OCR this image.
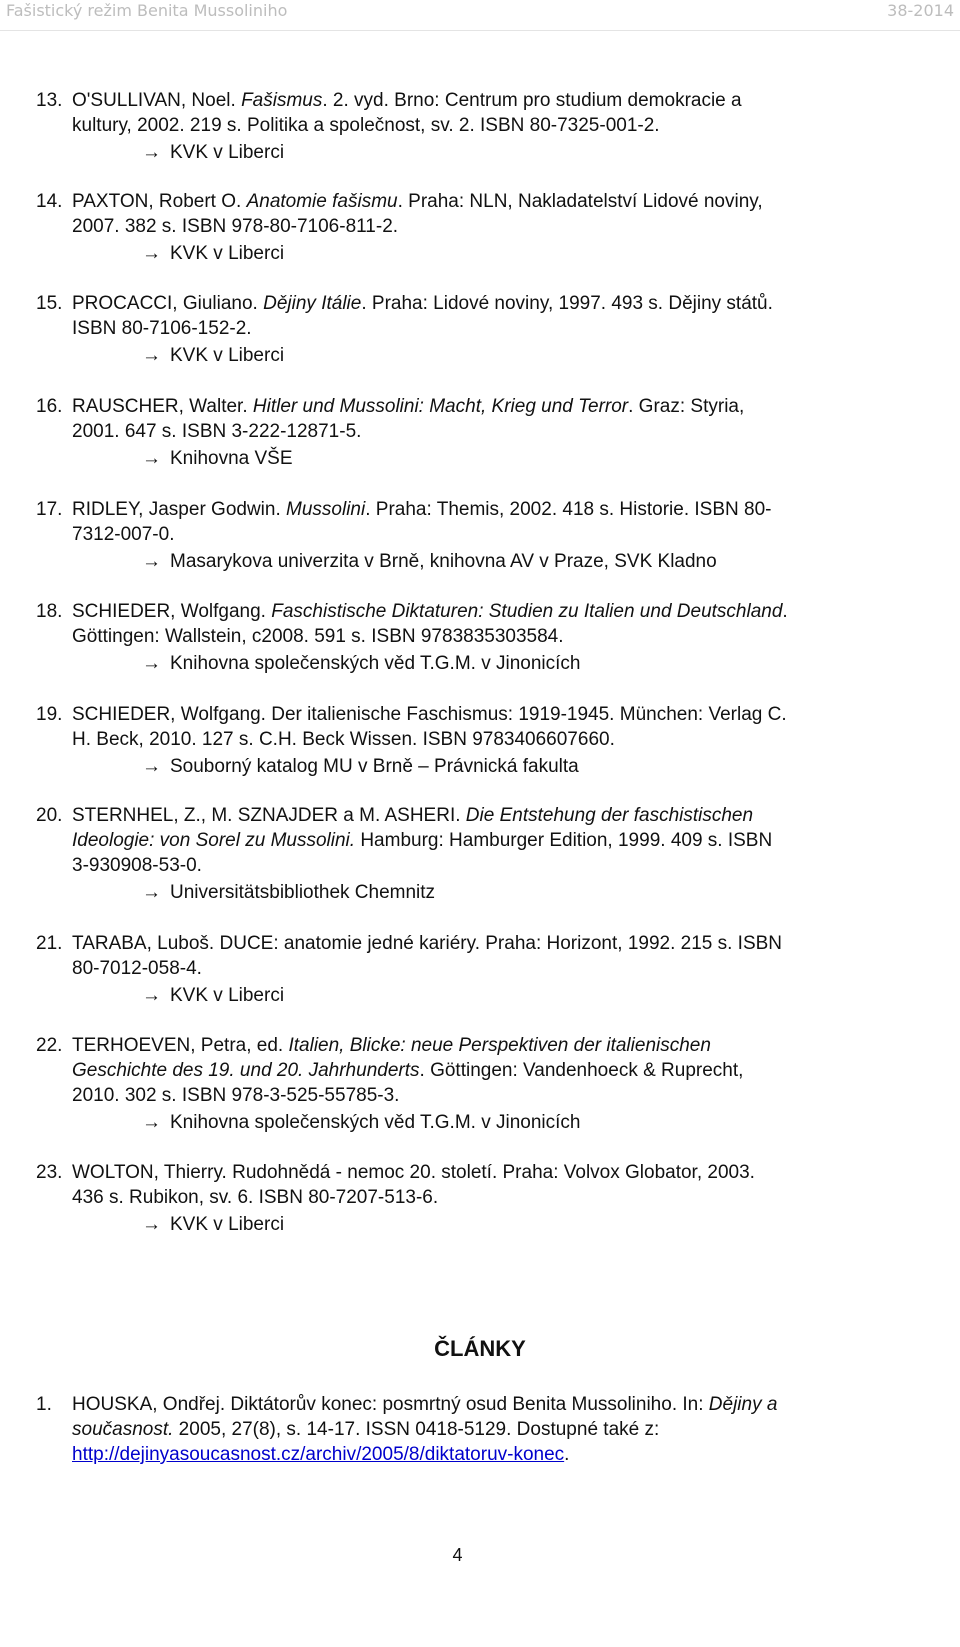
Fašistický režim Benita Mussoliniho	38-2014
13. O'SULLIVAN, Noel. Fašismus. 2. vyd. Brno: Centrum pro studium demokracie a
kultury, 2002. 219 s. Politika a společnost, sv. 2. ISBN 80-7325-001-2.
→ KVK v Liberci
14. PAXTON, Robert O. Anatomie fašismu. Praha: NLN, Nakladatelství Lidové noviny,
2007. 382 s. ISBN 978-80-7106-811-2.
→ KVK v Liberci
15. PROCACCI, Giuliano. Dějiny Itálie. Praha: Lidové noviny, 1997. 493 s. Dějiny států.
ISBN 80-7106-152-2.
→ KVK v Liberci
16. RAUSCHER, Walter. Hitler und Mussolini: Macht, Krieg und Terror. Graz: Styria,
2001. 647 s. ISBN 3-222-12871-5.
→ Knihovna VŠE
17. RIDLEY, Jasper Godwin. Mussolini. Praha: Themis, 2002. 418 s. Historie. ISBN 80-
7312-007-0.
→ Masarykova univerzita v Brně, knihovna AV v Praze, SVK Kladno
18. SCHIEDER, Wolfgang. Faschistische Diktaturen: Studien zu Italien und Deutschland.
Göttingen: Wallstein, c2008. 591 s. ISBN 9783835303584.
→ Knihovna společenských věd T.G.M. v Jinonicích
19. SCHIEDER, Wolfgang. Der italienische Faschismus: 1919-1945. München: Verlag C.
H. Beck, 2010. 127 s. C.H. Beck Wissen. ISBN 9783406607660.
→ Souborný katalog MU v Brně – Právnická fakulta
20. STERNHEL, Z., M. SZNAJDER a M. ASHERI. Die Entstehung der faschistischen
Ideologie: von Sorel zu Mussolini. Hamburg: Hamburger Edition, 1999. 409 s. ISBN
3-930908-53-0.
→ Universitätsbibliothek Chemnitz
21. TARABA, Luboš. DUCE: anatomie jedné kariéry. Praha: Horizont, 1992. 215 s. ISBN
80-7012-058-4.
→ KVK v Liberci
22. TERHOEVEN, Petra, ed. Italien, Blicke: neue Perspektiven der italienischen
Geschichte des 19. und 20. Jahrhunderts. Göttingen: Vandenhoeck & Ruprecht,
2010. 302 s. ISBN 978-3-525-55785-3.
→ Knihovna společenských věd T.G.M. v Jinonicích
23. WOLTON, Thierry. Rudohnědá - nemoc 20. století. Praha: Volvox Globator, 2003.
436 s. Rubikon, sv. 6. ISBN 80-7207-513-6.
→ KVK v Liberci
ČLÁNKY
1. HOUSKA, Ondřej. Diktátorův konec: posmrtný osud Benita Mussoliniho. In: Dějiny a
současnost. 2005, 27(8), s. 14-17. ISSN 0418-5129. Dostupné také z:
http://dejinyasoucasnost.cz/archiv/2005/8/diktatoruv-konec.
4
